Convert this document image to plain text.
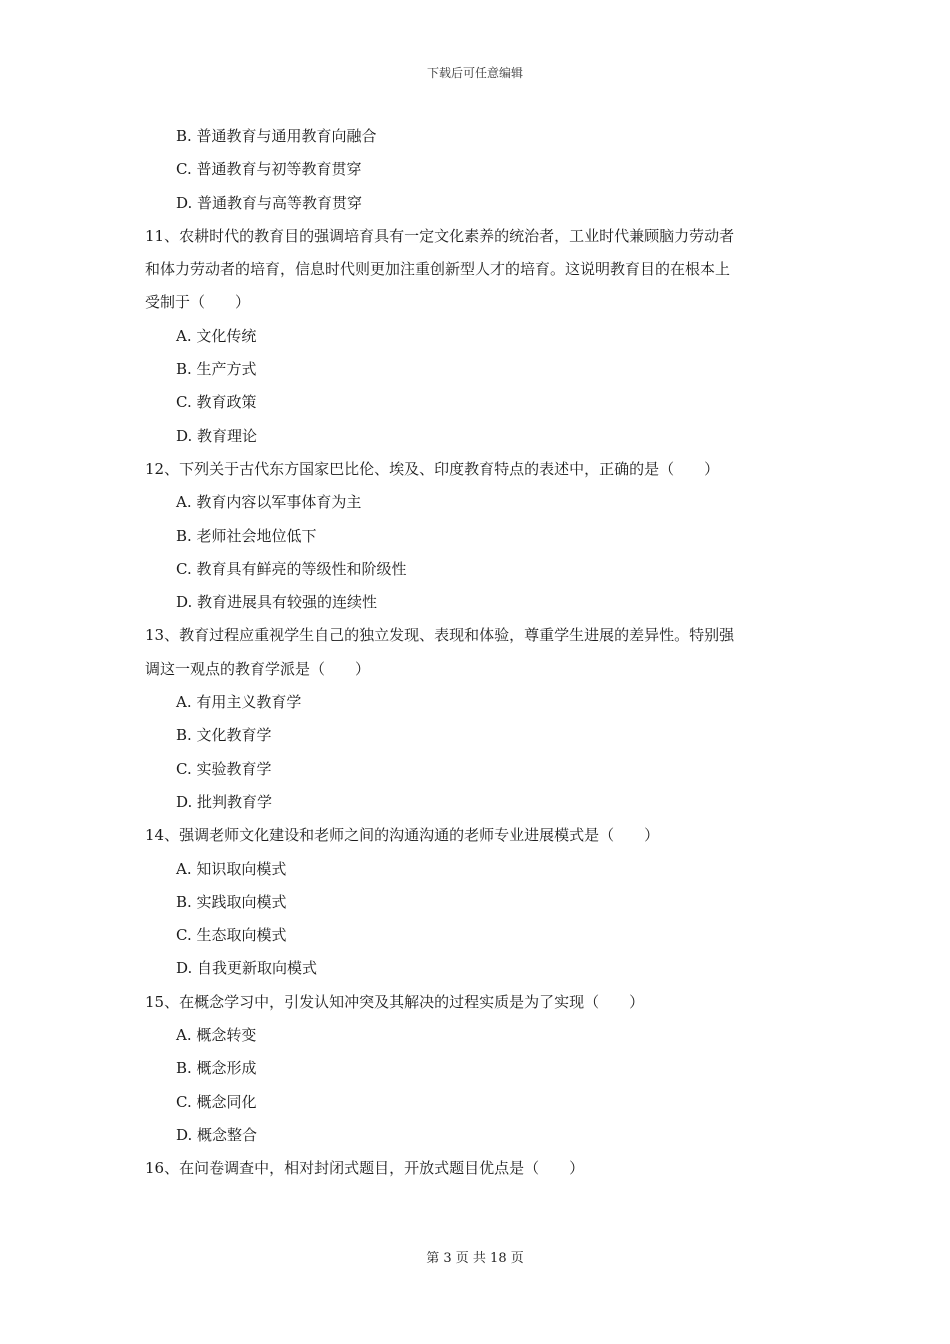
下载后可任意编辑
B. 普通教育与通用教育向融合
C. 普通教育与初等教育贯穿
D. 普通教育与高等教育贯穿
11、农耕时代的教育目的强调培育具有一定文化素养的统治者，工业时代兼顾脑力劳动者
和体力劳动者的培育，信息时代则更加注重创新型人才的培育。这说明教育目的在根本上
受制于（　　）
A. 文化传统
B. 生产方式
C. 教育政策
D. 教育理论
12、下列关于古代东方国家巴比伦、埃及、印度教育特点的表述中，正确的是（　　）
A. 教育内容以军事体育为主
B. 老师社会地位低下
C. 教育具有鲜亮的等级性和阶级性
D. 教育进展具有较强的连续性
13、教育过程应重视学生自己的独立发现、表现和体验，尊重学生进展的差异性。特别强
调这一观点的教育学派是（　　）
A. 有用主义教育学
B. 文化教育学
C. 实验教育学
D. 批判教育学
14、强调老师文化建设和老师之间的沟通沟通的老师专业进展模式是（　　）
A. 知识取向模式
B. 实践取向模式
C. 生态取向模式
D. 自我更新取向模式
15、在概念学习中，引发认知冲突及其解决的过程实质是为了实现（　　）
A. 概念转变
B. 概念形成
C. 概念同化
D. 概念整合
16、在问卷调查中，相对封闭式题目，开放式题目优点是（　　）
第 3 页 共 18 页
